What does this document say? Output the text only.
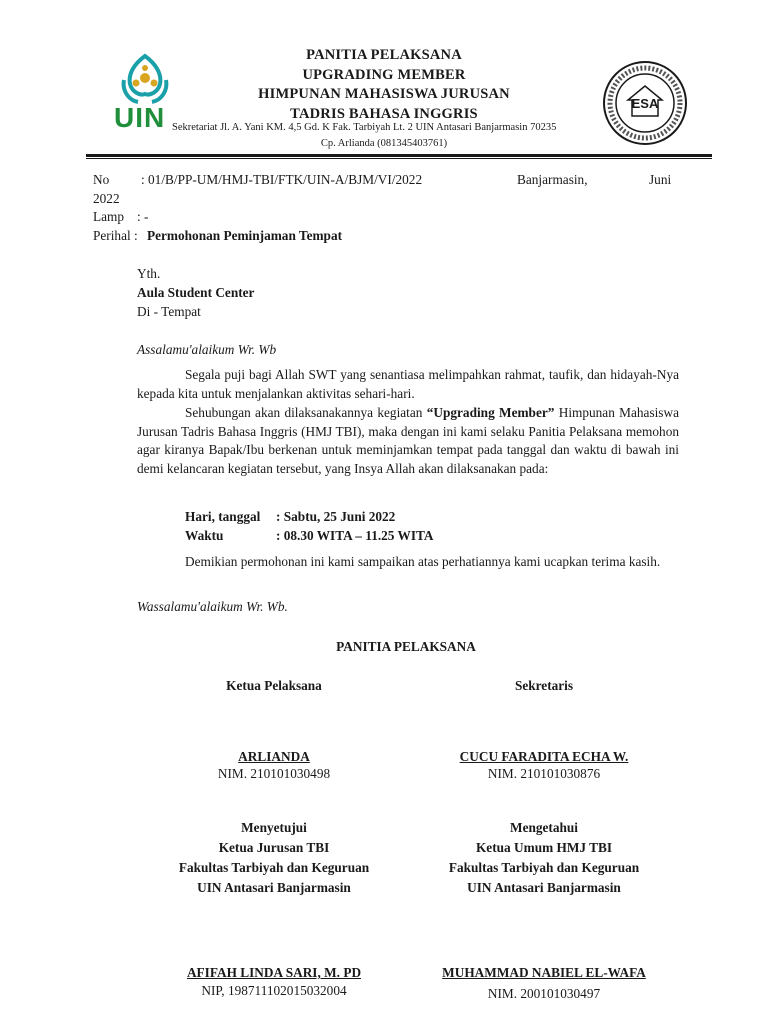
UIN	ESA
PANITIA PELAKSANA
UPGRADING MEMBER
HIMPUNAN MAHASISWA JURUSAN
TADRIS BAHASA INGGRIS
Sekretariat Jl. A. Yani KM. 4,5 Gd. K Fak. Tarbiyah Lt. 2 UIN Antasari Banjarmasin 70235
Cp. Arlianda (081345403761)
No : 01/B/PP-UM/HMJ-TBI/FTK/UIN-A/BJM/VI/2022	Banjarmasin,	Juni
2022
Lamp : -
Perihal : Permohonan Peminjaman Tempat
Yth.
Aula Student Center
Di - Tempat
Assalamu'alaikum Wr. Wb
Segala puji bagi Allah SWT yang senantiasa melimpahkan rahmat, taufik, dan hidayah-Nya kepada kita untuk menjalankan aktivitas sehari-hari.
Sehubungan akan dilaksanakannya kegiatan “Upgrading Member” Himpunan Mahasiswa Jurusan Tadris Bahasa Inggris (HMJ TBI), maka dengan ini kami selaku Panitia Pelaksana memohon agar kiranya Bapak/Ibu berkenan untuk meminjamkan tempat pada tanggal dan waktu di bawah ini demi kelancaran kegiatan tersebut, yang Insya Allah akan dilaksanakan pada:
Hari, tanggal : Sabtu, 25 Juni 2022
Waktu	: 08.30 WITA – 11.25 WITA
Demikian permohonan ini kami sampaikan atas perhatiannya kami ucapkan terima kasih.
Wassalamu'alaikum Wr. Wb.
PANITIA PELAKSANA
Ketua Pelaksana	Sekretaris
ARLIANDA
NIM. 210101030498
CUCU FARADITA ECHA W.
NIM. 210101030876
Menyetujui
Ketua Jurusan TBI
Fakultas Tarbiyah dan Keguruan
UIN Antasari Banjarmasin
Mengetahui
Ketua Umum HMJ TBI
Fakultas Tarbiyah dan Keguruan
UIN Antasari Banjarmasin
AFIFAH LINDA SARI, M. PD
NIP, 198711102015032004
MUHAMMAD NABIEL EL-WAFA
NIM. 200101030497
